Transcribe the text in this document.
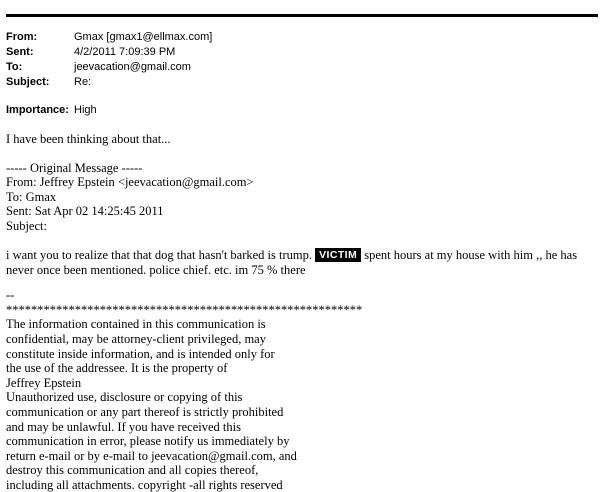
From:	Gmax [gmax1@ellmax.com]
Sent:	4/2/2011 7:09:39 PM
To:	jeevacation@gmail.com
Subject:	Re:
Importance: High

I have been thinking about that...

----- Original Message -----

From: Jeffrey Epstein <jeevacation@gmail.com>

To: Gmax

Sent: Sat Apr 02 14:25:45 2011

Subject:

i want you to realize that that dog that hasn't barked is trump. VICTIM spent hours at my house with him ,, he has never once been mentioned. police chief. etc. im 75 % there

--

*********************************************************

The information contained in this communication is

confidential, may be attorney-client privileged, may

constitute inside information, and is intended only for

the use of the addressee. It is the property of

Jeffrey Epstein

Unauthorized use, disclosure or copying of this

communication or any part thereof is strictly prohibited

and may be unlawful. If you have received this

communication in error, please notify us immediately by

return e-mail or by e-mail to jeevacation@gmail.com, and

destroy this communication and all copies thereof,

including all attachments. copyright -all rights reserved
